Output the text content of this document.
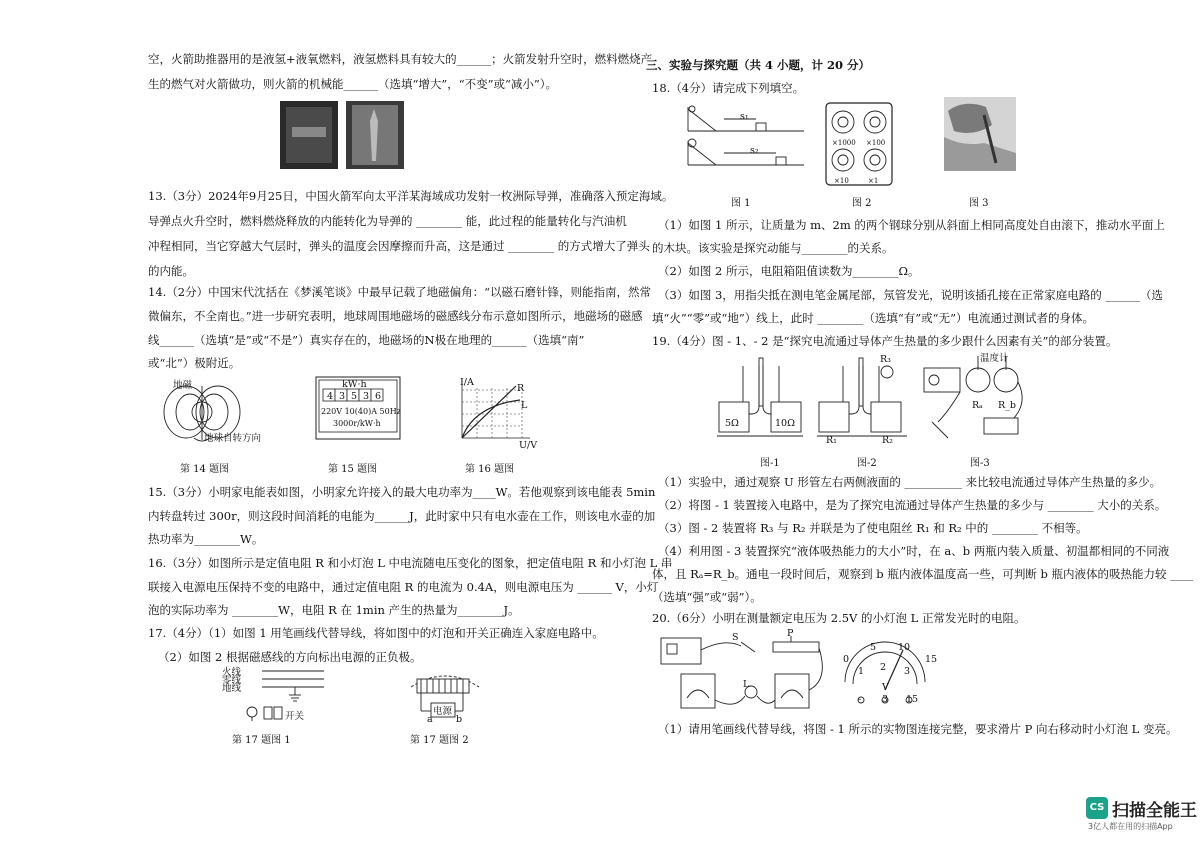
空，火箭助推器用的是液氢+液氧燃料，液氢燃料具有较大的______；火箭发射升空时，燃料燃烧产
生的燃气对火箭做功，则火箭的机械能______（选填“增大”，“不变”或“减小”）。
13.（3分）2024年9月25日，中国火箭军向太平洋某海域成功发射一枚洲际导弹，准确落入预定海域。
导弹点火升空时，燃料燃烧释放的内能转化为导弹的 ________ 能，此过程的能量转化与汽油机
冲程相同，当它穿越大气层时，弹头的温度会因摩擦而升高，这是通过 ________ 的方式增大了弹头
的内能。
14.（2分）中国宋代沈括在《梦溪笔谈》中最早记载了地磁偏角：“以磁石磨针锋，则能指南，然常
微偏东，不全南也。”进一步研究表明，地球周围地磁场的磁感线分布示意如图所示，地磁场的磁感
线______（选填“是”或“不是”）真实存在的，地磁场的N极在地理的______（选填“南”
或“北”）极附近。
地磁
地球自转方向
kW·h
4 3 5 3 6
220V 10(40)A 50Hz
3000r/kW·h
I/A
U/V
R
L
第 14 题图	第 15 题图	第 16 题图
15.（3分）小明家电能表如图，小明家允许接入的最大电功率为____W。若他观察到该电能表 5min
内转盘转过 300r，则这段时间消耗的电能为______J，此时家中只有电水壶在工作，则该电水壶的加
热功率为________W。
16.（3分）如图所示是定值电阻 R 和小灯泡 L 中电流随电压变化的图象，把定值电阻 R 和小灯泡 L 串
联接入电源电压保持不变的电路中，通过定值电阻 R 的电流为 0.4A，则电源电压为 ______ V，小灯
泡的实际功率为 ________W，电阻 R 在 1min 产生的热量为________J。
17.（4分）（1）如图 1 用笔画线代替导线，将如图中的灯泡和开关正确连入家庭电路中。
（2）如图 2 根据磁感线的方向标出电源的正负极。
火线
零线
地线
开关	电源
a b
第 17 题图 1	第 17 题图 2
三、实验与探究题（共 4 小题，计 20 分）
18.（4分）请完成下列填空。
s₁
s₂
×1000 ×100
×10	×1
图 1	图 2	图 3
（1）如图 1 所示，让质量为 m、2m 的两个钢球分别从斜面上相同高度处自由滚下，推动水平面上
的木块。该实验是探究动能与________的关系。
（2）如图 2 所示，电阻箱阻值读数为________Ω。
（3）如图 3，用指尖抵在测电笔金属尾部，氖管发光，说明该插孔接在正常家庭电路的 ______（选
填“火”“零”或“地”）线上，此时 ________（选填“有”或“无”）电流通过测试者的身体。
19.（4分）图 - 1、- 2 是“探究电流通过导体产生热量的多少跟什么因素有关”的部分装置。
5Ω	10Ω
R₃
R₁	R₂
温度计
Rₐ R_b
图-1	图-2	图-3
（1）实验中，通过观察 U 形管左右两侧液面的 __________ 来比较电流通过导体产生热量的多少。
（2）将图 - 1 装置接入电路中，是为了探究电流通过导体产生热量的多少与 ________ 大小的关系。
（3）图 - 2 装置将 R₃ 与 R₂ 并联是为了使电阻丝 R₁ 和 R₂ 中的 ________ 不相等。
（4）利用图 - 3 装置探究“液体吸热能力的大小”时，在 a、b 两瓶内装入质量、初温都相同的不同液
体，且 Rₐ=R_b。通电一段时间后，观察到 b 瓶内液体温度高一些，可判断 b 瓶内液体的吸热能力较 ____
（选填“强”或“弱”）。
20.（6分）小明在测量额定电压为 2.5V 的小灯泡 L 正常发光时的电阻。
S	P
L
0
5 10
15
1 2 3
V
- 3 15
（1）请用笔画线代替导线，将图 - 1 所示的实物图连接完整，要求滑片 P 向右移动时小灯泡 L 变亮。
CS 扫描全能王
3亿人都在用的扫描App
